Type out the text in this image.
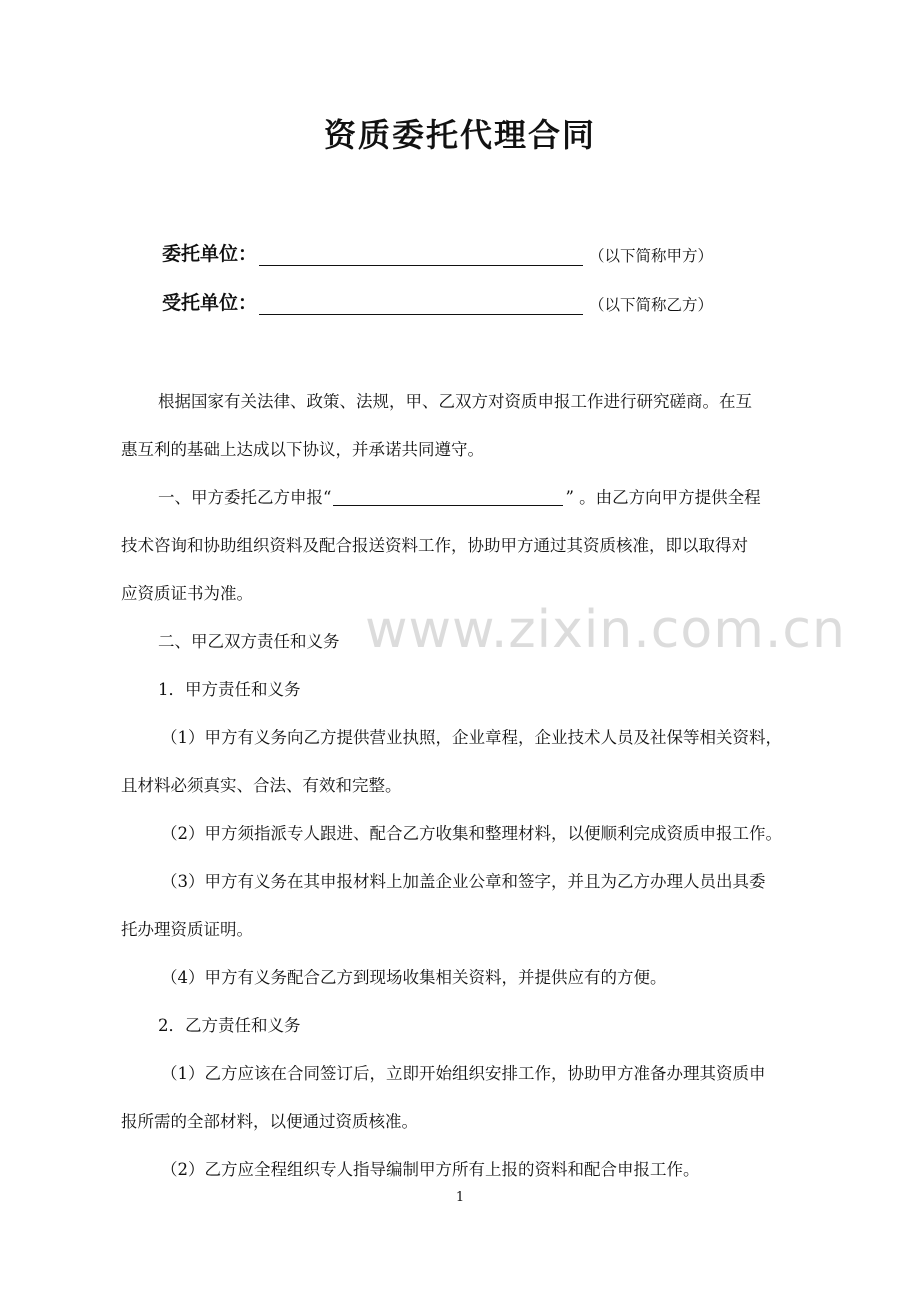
资质委托代理合同
委托单位：	（以下简称甲方）
受托单位：	（以下简称乙方）
根据国家有关法律、政策、法规，甲、乙双方对资质申报工作进行研究磋商。在互
惠互利的基础上达成以下协议，并承诺共同遵守。
一、甲方委托乙方申报“	” 。由乙方向甲方提供全程
技术咨询和协助组织资料及配合报送资料工作，协助甲方通过其资质核准，即以取得对
应资质证书为准。
二、甲乙双方责任和义务
1．甲方责任和义务
（1）甲方有义务向乙方提供营业执照，企业章程，企业技术人员及社保等相关资料，
且材料必须真实、合法、有效和完整。
（2）甲方须指派专人跟进、配合乙方收集和整理材料，以便顺利完成资质申报工作。
（3）甲方有义务在其申报材料上加盖企业公章和签字，并且为乙方办理人员出具委
托办理资质证明。
（4）甲方有义务配合乙方到现场收集相关资料，并提供应有的方便。
2．乙方责任和义务
（1）乙方应该在合同签订后，立即开始组织安排工作，协助甲方准备办理其资质申
报所需的全部材料，以便通过资质核准。
（2）乙方应全程组织专人指导编制甲方所有上报的资料和配合申报工作。
www.zixin.com.cn
1
